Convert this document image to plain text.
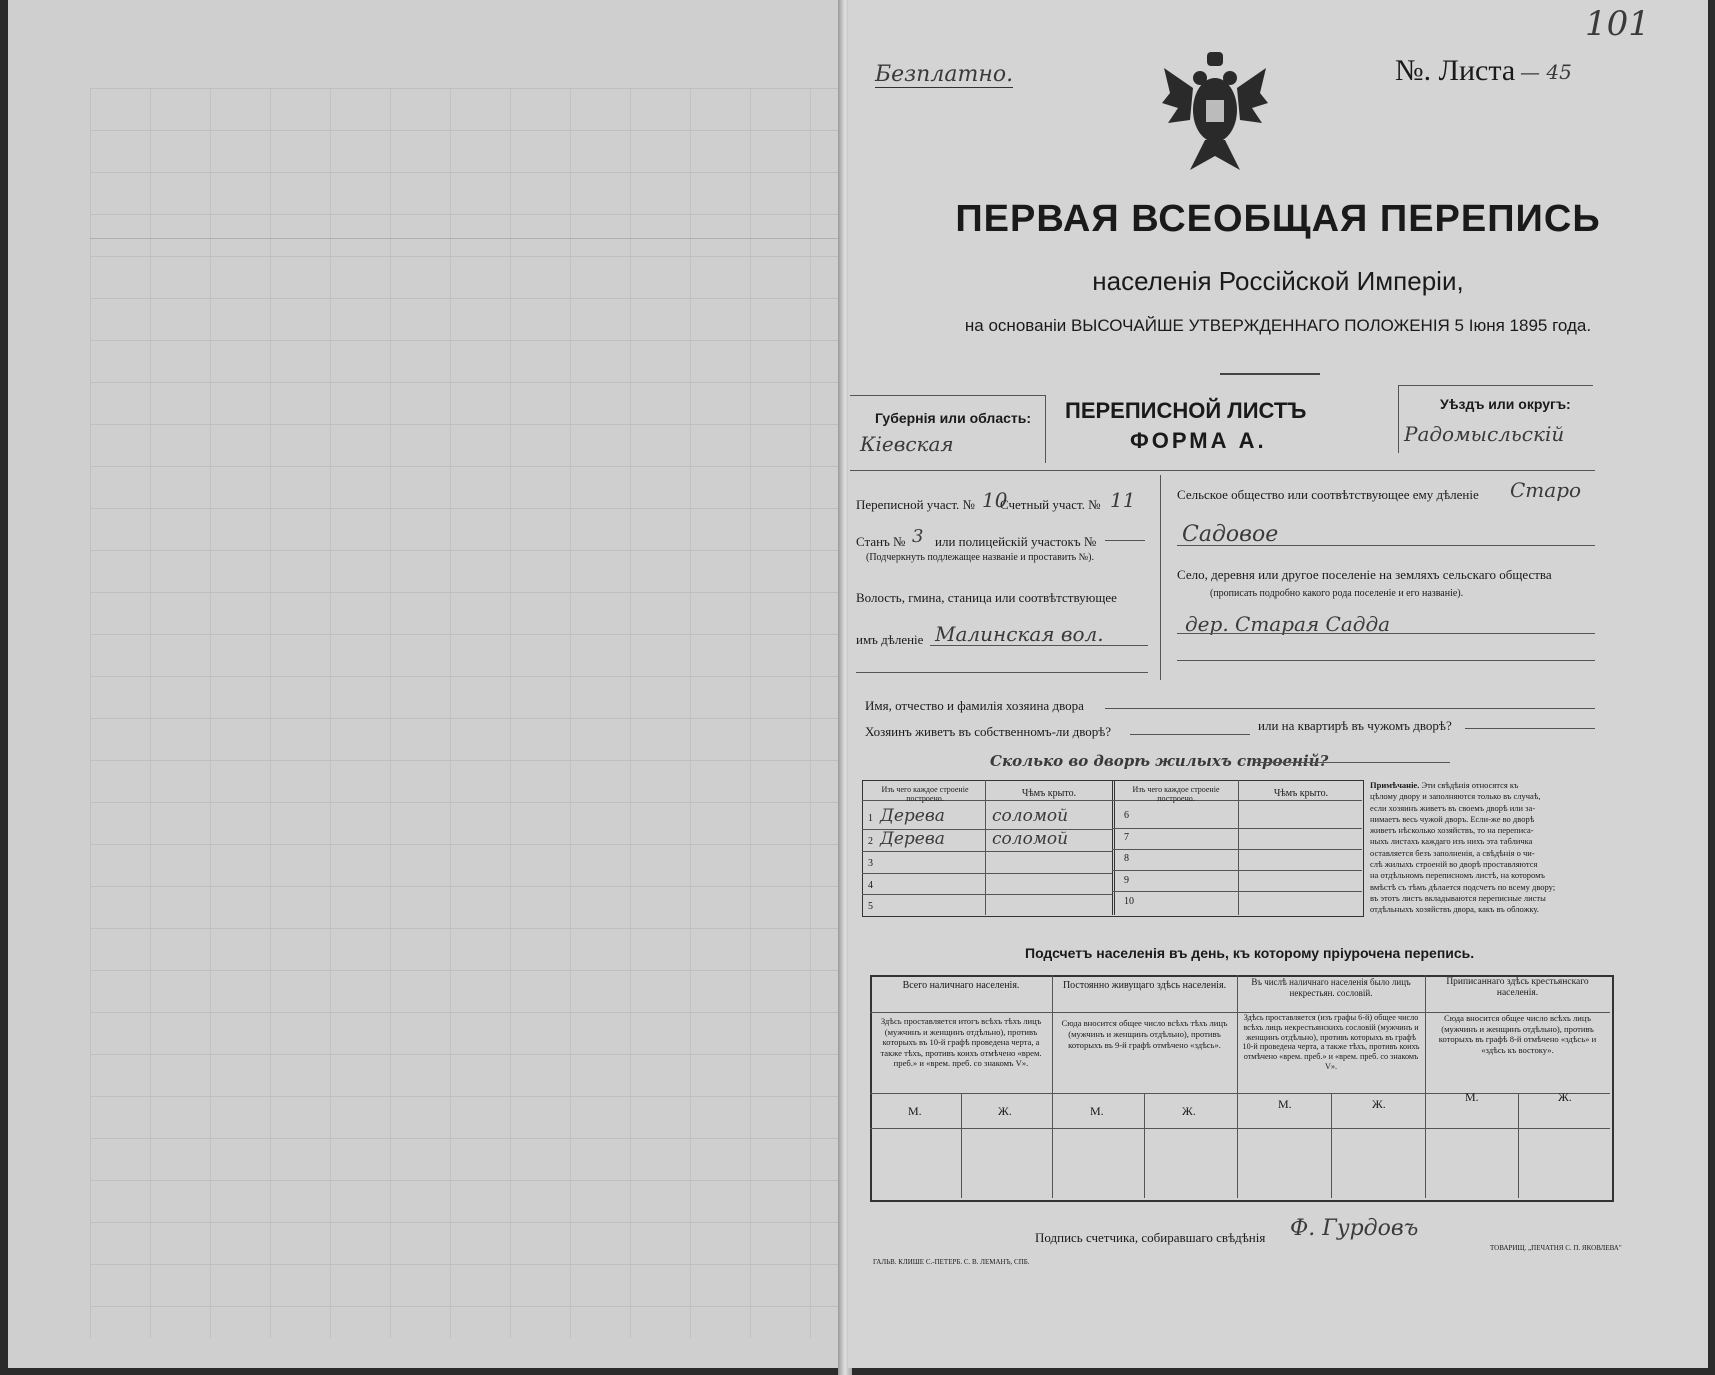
Безплатно.	№. Листа — 45
101
ПЕРВАЯ ВСЕОБЩАЯ ПЕРЕПИСЬ
населенія Россійской Имперіи,
на основаніи ВЫСОЧАЙШЕ УТВЕРЖДЕННАГО ПОЛОЖЕНІЯ 5 Іюня 1895 года.
Губернія или область:
Кіевская
ПЕРЕПИСНОЙ ЛИСТЪ
ФОРМА А.
Уѣздъ или округъ:
Радомысльскій
Переписной участ. № 10
Счетный участ. № 11
Станъ № 3 или полицейскій участокъ №
(Подчеркнуть подлежащее названіе и проставить №).
Волость, гмина, станица или соотвѣтствующее
имъ дѣленіе Малинская вол.
Сельское общество или соотвѣтствующее ему дѣленіе Старо
Садовое
Село, деревня или другое поселеніе на земляхъ сельскаго общества
(прописать подробно какого рода поселеніе и его названіе).
дер. Старая Садда
Имя, отчество и фамилія хозяина двора
Хозяинъ живетъ въ собственномъ-ли дворѣ?	или на квартирѣ въ чужомъ дворѣ?
Сколько во дворѣ жилыхъ строеній?
Изъ чего каждое строеніе построено.	Чѣмъ крыто.	Изъ чего каждое строеніе построено.	Чѣмъ крыто.
1 Дерева	соломой
2 Дерева	соломой
3
4
5
6
7
8
9
10
Примѣчаніе. Эти свѣдѣнія относятся къ
цѣлому двору и заполняются только въ случаѣ,
если хозяинъ живетъ въ своемъ дворѣ или за-
нимаетъ весь чужой дворъ. Если-же во дворѣ
живетъ нѣсколько хозяйствъ, то на переписа-
ныхъ листахъ каждаго изъ нихъ эта табличка
оставляется безъ заполненія, а свѣдѣнія о чи-
слѣ жилыхъ строеній во дворѣ проставляются
на отдѣльномъ переписномъ листѣ, на которомъ
вмѣстѣ съ тѣмъ дѣлается подсчетъ по всему двору;
въ этотъ листъ вкладываются переписные листы
отдѣльныхъ хозяйствъ двора, какъ въ обложку.
Подсчетъ населенія въ день, къ которому пріурочена перепись.
Всего наличнаго населенія.
Здѣсь проставляется итогъ всѣхъ тѣхъ лицъ (мужчинъ и женщинъ отдѣльно), противъ которыхъ въ 10-й графѣ проведена черта, а также тѣхъ, противъ коихъ отмѣчено «врем. преб.» и «врем. преб. со знакомъ V».
Постоянно живущаго здѣсь населенія.
Сюда вносится общее число всѣхъ тѣхъ лицъ (мужчинъ и женщинъ отдѣльно), противъ которыхъ въ 9-й графѣ отмѣчено «здѣсь».
Въ числѣ наличнаго населенія было лицъ некрестьян. сословій.
Здѣсь проставляется (изъ графы 6-й) общее число всѣхъ лицъ некрестьянскихъ сословій (мужчинъ и женщинъ отдѣльно), противъ которыхъ въ графѣ 10-й проведена черта, а также тѣхъ, противъ коихъ отмѣчено «врем. преб.» и «врем. преб. со знакомъ V».
Приписаннаго здѣсь крестьянскаго населенія.
Сюда вносится общее число всѣхъ лицъ (мужчинъ и женщинъ отдѣльно), противъ которыхъ въ графѣ 8-й отмѣчено «здѣсь» и «здѣсь къ востоку».
М.	Ж.	М.	Ж.	М.	Ж.	М.	Ж.
Подпись счетчика, собиравшаго свѣдѣнія Ф. Гурдовъ
ГАЛЬВ. КЛИШЕ С.-ПЕТЕРБ. С. В. ЛЕМАНЪ, СПБ.
ТОВАРИЩ. „ПЕЧАТНЯ С. П. ЯКОВЛЕВА"
